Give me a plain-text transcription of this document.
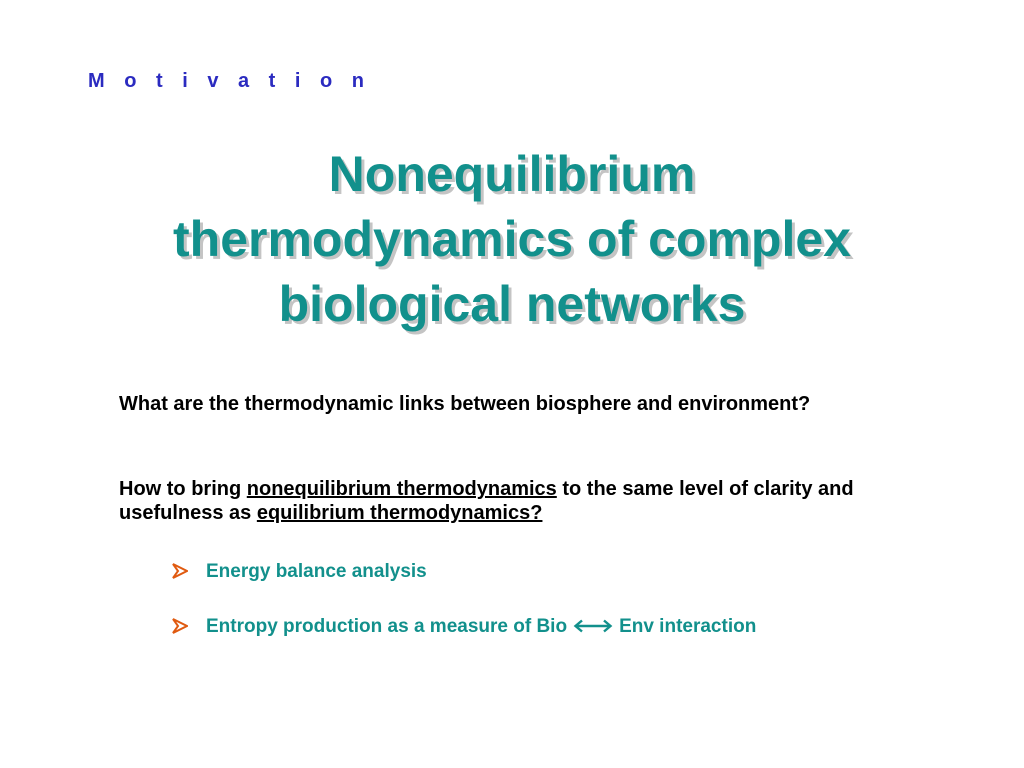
M o t i v a t i o n
Nonequilibrium
thermodynamics of complex
biological networks
What are the thermodynamic links between biosphere and environment?
How to bring nonequilibrium thermodynamics to the same level of clarity and usefulness as equilibrium thermodynamics?
Energy balance analysis
Entropy production as a measure of Bio	Env interaction
